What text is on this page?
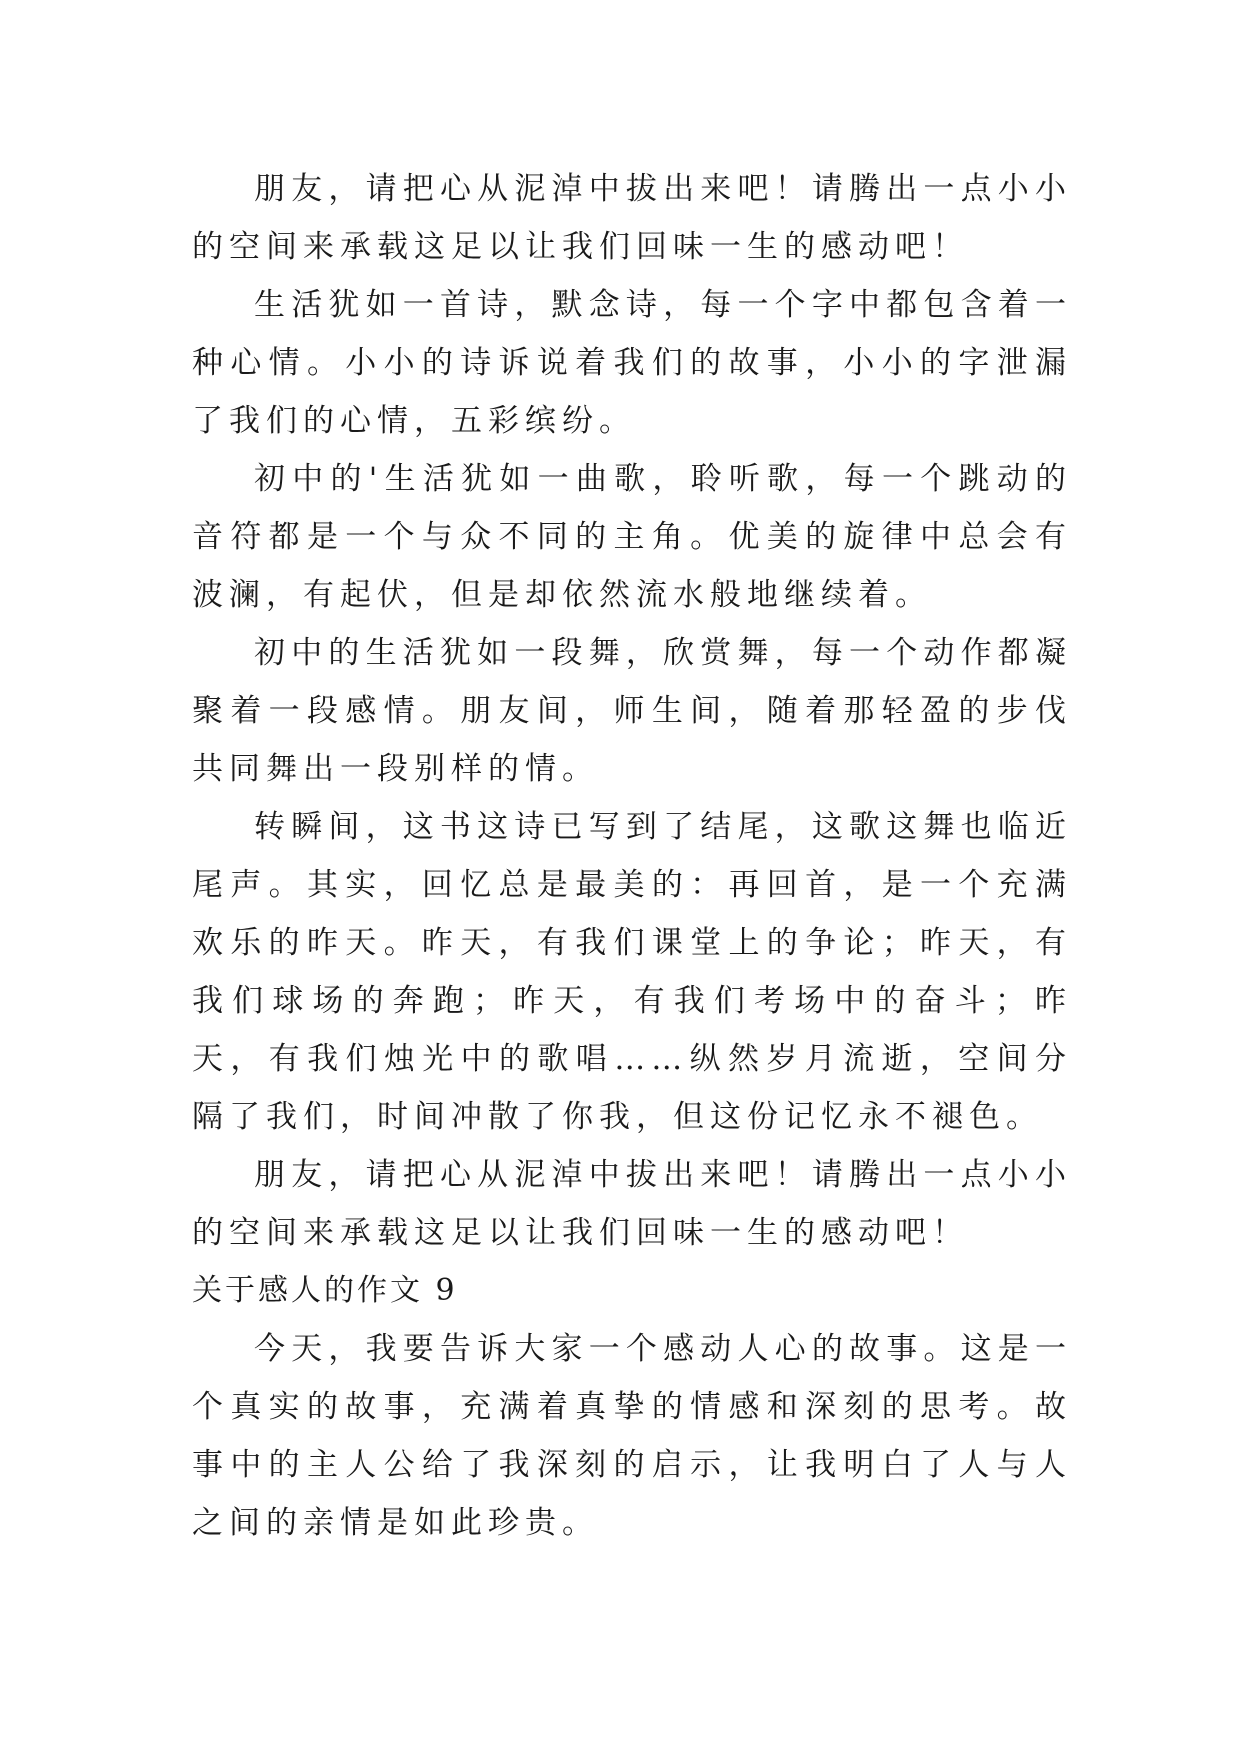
朋友，请把心从泥淖中拔出来吧！请腾出一点小小的空间来承载这足以让我们回味一生的感动吧！

生活犹如一首诗，默念诗，每一个字中都包含着一种心情。小小的诗诉说着我们的故事，小小的字泄漏了我们的心情，五彩缤纷。

初中的'生活犹如一曲歌，聆听歌，每一个跳动的音符都是一个与众不同的主角。优美的旋律中总会有波澜，有起伏，但是却依然流水般地继续着。

初中的生活犹如一段舞，欣赏舞，每一个动作都凝聚着一段感情。朋友间，师生间，随着那轻盈的步伐共同舞出一段别样的情。

转瞬间，这书这诗已写到了结尾，这歌这舞也临近尾声。其实，回忆总是最美的：再回首，是一个充满欢乐的昨天。昨天，有我们课堂上的争论；昨天，有我们球场的奔跑；昨天，有我们考场中的奋斗；昨天，有我们烛光中的歌唱……纵然岁月流逝，空间分隔了我们，时间冲散了你我，但这份记忆永不褪色。

朋友，请把心从泥淖中拔出来吧！请腾出一点小小的空间来承载这足以让我们回味一生的感动吧！

关于感人的作文 9

今天，我要告诉大家一个感动人心的故事。这是一个真实的故事，充满着真挚的情感和深刻的思考。故事中的主人公给了我深刻的启示，让我明白了人与人之间的亲情是如此珍贵。
